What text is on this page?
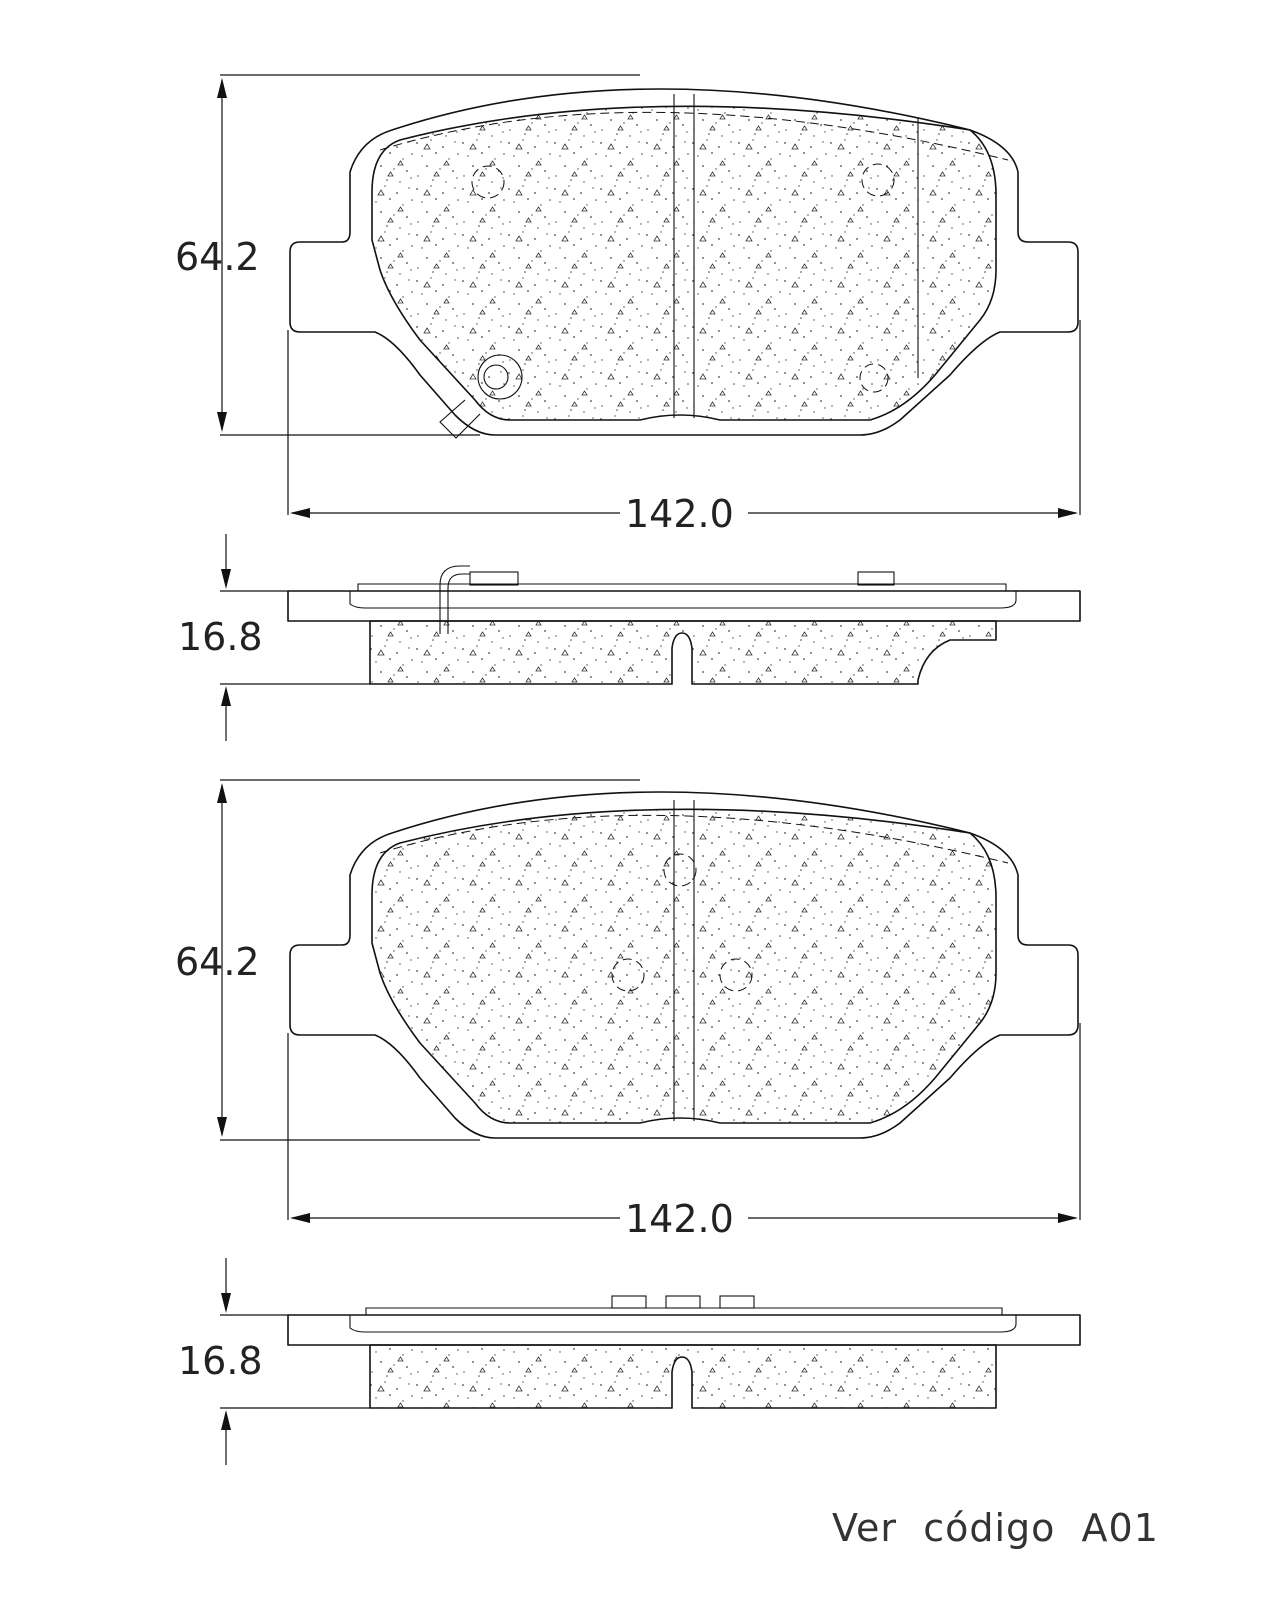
64.2
142.0
16.8
64.2
142.0
16.8
Ver  código  A01
